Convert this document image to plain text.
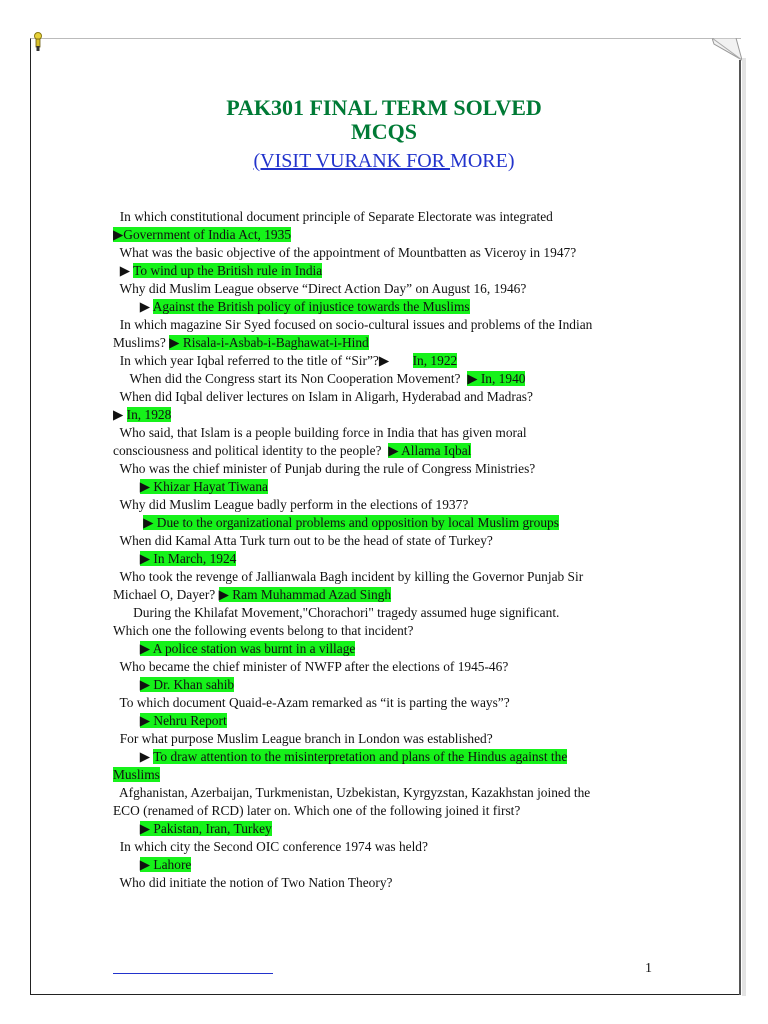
PAK301 FINAL TERM SOLVED
MCQS
(VISIT VURANK FOR MORE)
In which constitutional document principle of Separate Electorate was integrated
▶Government of India Act, 1935
What was the basic objective of the appointment of Mountbatten as Viceroy in 1947?
▶ To wind up the British rule in India
Why did Muslim League observe “Direct Action Day” on August 16, 1946?
▶ Against the British policy of injustice towards the Muslims
In which magazine Sir Syed focused on socio-cultural issues and problems of the Indian
Muslims? ▶ Risala-i-Asbab-i-Baghawat-i-Hind
In which year Iqbal referred to the title of “Sir”?▶       In, 1922
When did the Congress start its Non Cooperation Movement?  ▶ In, 1940
When did Iqbal deliver lectures on Islam in Aligarh, Hyderabad and Madras?
▶ In, 1928
Who said, that Islam is a people building force in India that has given moral
consciousness and political identity to the people?  ▶ Allama Iqbal
Who was the chief minister of Punjab during the rule of Congress Ministries?
▶ Khizar Hayat Tiwana
Why did Muslim League badly perform in the elections of 1937?
▶ Due to the organizational problems and opposition by local Muslim groups
When did Kamal Atta Turk turn out to be the head of state of Turkey?
▶ In March, 1924
Who took the revenge of Jallianwala Bagh incident by killing the Governor Punjab Sir
Michael O, Dayer? ▶ Ram Muhammad Azad Singh
During the Khilafat Movement,"Chorachori" tragedy assumed huge significant.
Which one the following events belong to that incident?
▶ A police station was burnt in a village
Who became the chief minister of NWFP after the elections of 1945-46?
▶ Dr. Khan sahib
To which document Quaid-e-Azam remarked as “it is parting the ways”?
▶ Nehru Report
For what purpose Muslim League branch in London was established?
▶ To draw attention to the misinterpretation and plans of the Hindus against the
Muslims
Afghanistan, Azerbaijan, Turkmenistan, Uzbekistan, Kyrgyzstan, Kazakhstan joined the
ECO (renamed of RCD) later on. Which one of the following joined it first?
▶ Pakistan, Iran, Turkey
In which city the Second OIC conference 1974 was held?
▶ Lahore
Who did initiate the notion of Two Nation Theory?
1
